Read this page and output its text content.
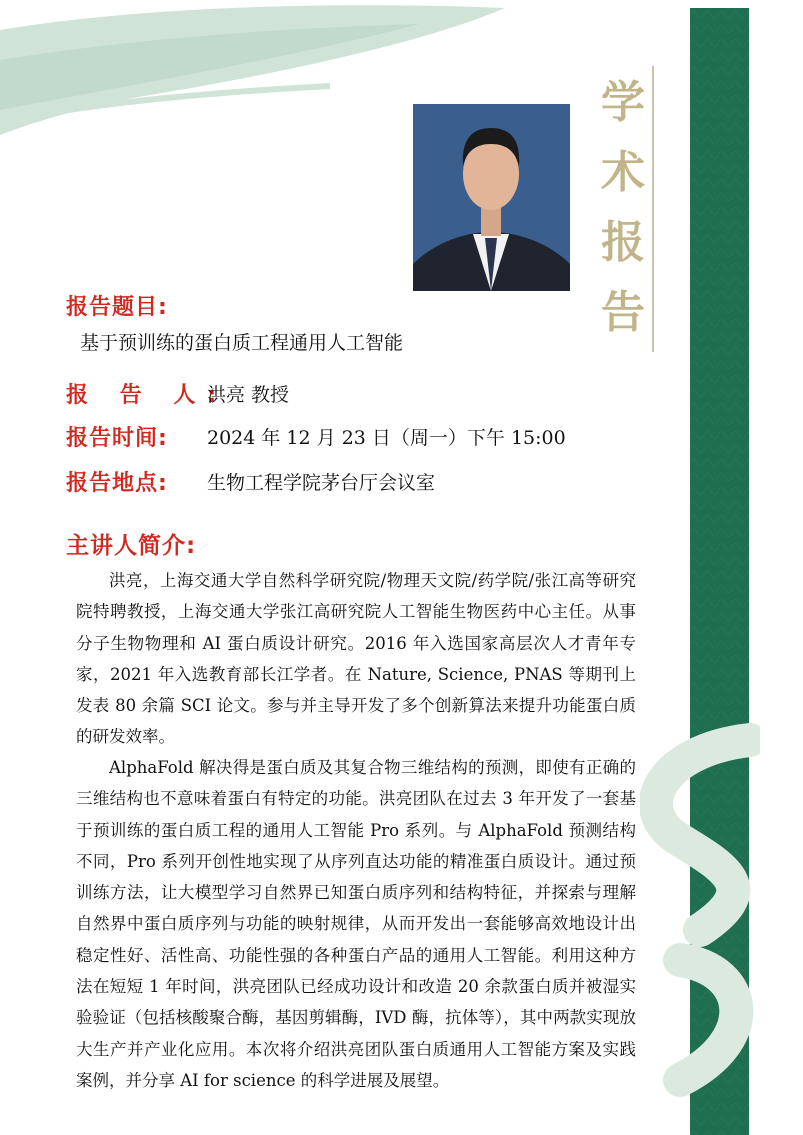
学
术
报
告
报告题目:
基于预训练的蛋白质工程通用人工智能
报 告 人:
洪亮 教授
报告时间: 2024 年 12 月 23 日（周一）下午 15:00
报告地点: 生物工程学院茅台厅会议室
主讲人简介:

洪亮，上海交通大学自然科学研究院/物理天文院/药学院/张江高等研究院特聘教授，上海交通大学张江高研究院人工智能生物医药中心主任。从事分子生物物理和 AI 蛋白质设计研究。2016 年入选国家高层次人才青年专家，2021 年入选教育部长江学者。在 Nature, Science, PNAS 等期刊上发表 80 余篇 SCI 论文。参与并主导开发了多个创新算法来提升功能蛋白质的研发效率。

AlphaFold 解决得是蛋白质及其复合物三维结构的预测，即使有正确的三维结构也不意味着蛋白有特定的功能。洪亮团队在过去 3 年开发了一套基于预训练的蛋白质工程的通用人工智能 Pro 系列。与 AlphaFold 预测结构不同，Pro 系列开创性地实现了从序列直达功能的精准蛋白质设计。通过预训练方法，让大模型学习自然界已知蛋白质序列和结构特征，并探索与理解自然界中蛋白质序列与功能的映射规律，从而开发出一套能够高效地设计出稳定性好、活性高、功能性强的各种蛋白产品的通用人工智能。利用这种方法在短短 1 年时间，洪亮团队已经成功设计和改造 20 余款蛋白质并被湿实验验证（包括核酸聚合酶，基因剪辑酶，IVD 酶，抗体等），其中两款实现放大生产并产业化应用。本次将介绍洪亮团队蛋白质通用人工智能方案及实践案例，并分享 AI for science 的科学进展及展望。
